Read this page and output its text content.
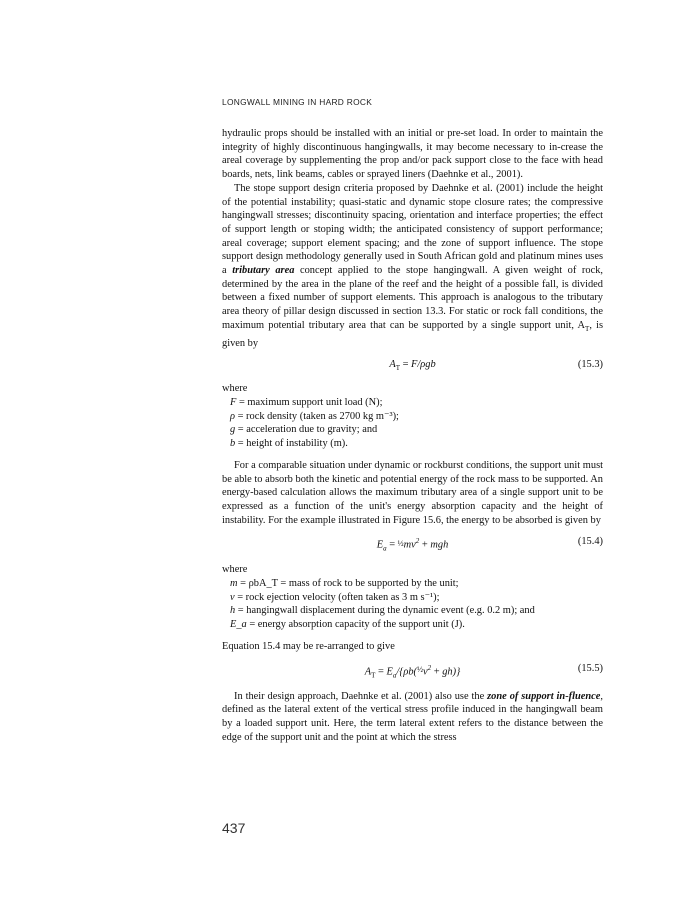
LONGWALL MINING IN HARD ROCK

hydraulic props should be installed with an initial or pre-set load. In order to maintain the integrity of highly discontinuous hangingwalls, it may become necessary to in-crease the areal coverage by supplementing the prop and/or pack support close to the face with head boards, nets, link beams, cables or sprayed liners (Daehnke et al., 2001).

The stope support design criteria proposed by Daehnke et al. (2001) include the height of the potential instability; quasi-static and dynamic stope closure rates; the compressive hangingwall stresses; discontinuity spacing, orientation and interface properties; the effect of support length or stoping width; the anticipated consistency of support performance; areal coverage; support element spacing; and the zone of support influence. The stope support design methodology generally used in South African gold and platinum mines uses a tributary area concept applied to the stope hangingwall. A given weight of rock, determined by the area in the plane of the reef and the height of a possible fall, is divided between a fixed number of support elements. This approach is analogous to the tributary area theory of pillar design discussed in section 13.3. For static or rock fall conditions, the maximum potential tributary area that can be supported by a single support unit, $A_T$, is given by

$A_T = F/\rho gb$	(15.3)
where
F = maximum support unit load (N);
ρ = rock density (taken as 2700 kg m⁻³);
g = acceleration due to gravity; and
b = height of instability (m).

For a comparable situation under dynamic or rockburst conditions, the support unit must be able to absorb both the kinetic and potential energy of the rock mass to be supported. An energy-based calculation allows the maximum tributary area of a single support unit to be expressed as a function of the unit's energy absorption capacity and the height of instability. For the example illustrated in Figure 15.6, the energy to be absorbed is given by

$E_a$ = $\frac{1}{2}mv^2$ + mgh	(15.4)
where
m = ρbA_T = mass of rock to be supported by the unit;
v = rock ejection velocity (often taken as 3 m s⁻¹);
h = hangingwall displacement during the dynamic event (e.g. 0.2 m); and
E_a = energy absorption capacity of the support unit (J).

Equation 15.4 may be re-arranged to give

$A_T$ = $E_a/\{\rho b(\frac{1}{2}v^2 + gh)\}$	(15.5)

In their design approach, Daehnke et al. (2001) also use the zone of support in-fluence, defined as the lateral extent of the vertical stress profile induced in the hangingwall beam by a loaded support unit. Here, the term lateral extent refers to the distance between the edge of the support unit and the point at which the stress

437
